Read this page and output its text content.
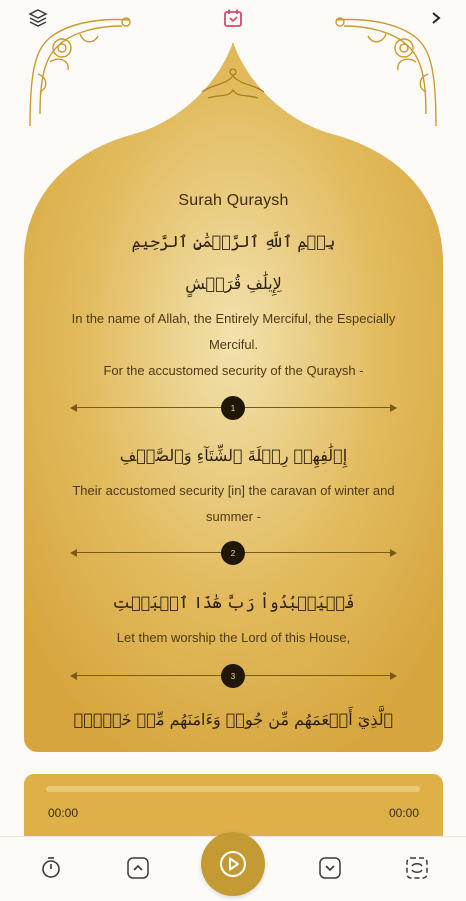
Surah Quraysh
بِسۡمِ ٱللَّهِ ٱلرَّحۡمَٰنِ ٱلرَّحِيمِ
لِإِيلَٰفِ قُرَيۡشٍ
In the name of Allah, the Entirely Merciful, the Especially Merciful.
For the accustomed security of the Quraysh -
1
إِۦلَٰفِهِمۡ رِحۡلَةَ ٱلشِّتَآءِ وَٱلصَّيۡفِ
Their accustomed security [in] the caravan of winter and summer -
2
فَلۡيَعۡبُدُواْ رَبَّ هَٰذَا ٱلۡبَيۡتِ
Let them worship the Lord of this House,
3
ٱلَّذِيٓ أَطۡعَمَهُم مِّن جُوعٖ وَءَامَنَهُم مِّنۡ خَوۡفِۭ
00:00	00:00
